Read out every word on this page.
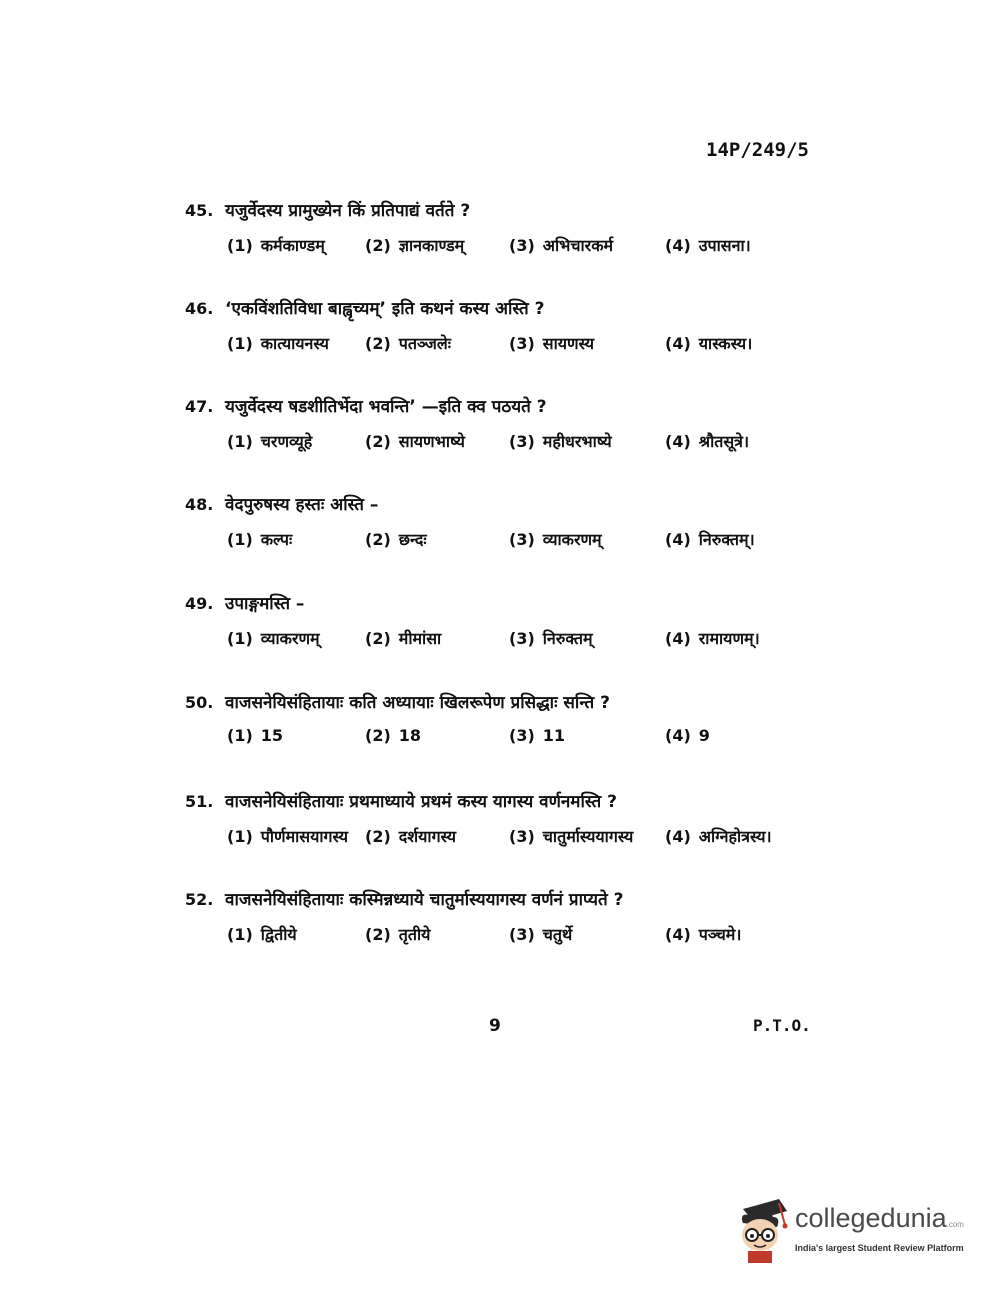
14P/249/5
45. यजुर्वेदस्य प्रामुख्येन किं प्रतिपाद्यं वर्तते ?
(1) कर्मकाण्डम्	(2) ज्ञानकाण्डम्	(3) अभिचारकर्म	(4) उपासना।
46. ‘एकविंशतिविधा बाह्वृच्यम्’ इति कथनं कस्य अस्ति ?
(1) कात्यायनस्य (2) पतञ्जलेः	(3) सायणस्य	(4) यास्कस्य।
47. यजुर्वेदस्य षडशीतिर्भेदा भवन्ति’ —इति क्व पठयते ?
(1) चरणव्यूहे	(2) सायणभाष्ये	(3) महीधरभाष्ये	(4) श्रौतसूत्रे।
48. वेदपुरुषस्य हस्तः अस्ति –
(1) कल्पः	(2) छन्दः	(3) व्याकरणम्	(4) निरुक्तम्।
49. उपाङ्गमस्ति –
(1) व्याकरणम्	(2) मीमांसा	(3) निरुक्तम्	(4) रामायणम्।
50. वाजसनेयिसंहितायाः कति अध्यायाः खिलरूपेण प्रसिद्धाः सन्ति ?
(1) 15	(2) 18	(3) 11	(4) 9
51. वाजसनेयिसंहितायाः प्रथमाध्याये प्रथमं कस्य यागस्य वर्णनमस्ति ?
(1) पौर्णमासयागस्य (2) दर्शयागस्य	(3) चातुर्मास्ययागस्य (4) अग्निहोत्रस्य।
52. वाजसनेयिसंहितायाः कस्मिन्नध्याये चातुर्मास्ययागस्य वर्णनं प्राप्यते ?
(1) द्वितीये	(2) तृतीये	(3) चतुर्थे	(4) पञ्चमे।
9	P.T.O.
collegedunia.com
India's largest Student Review Platform
